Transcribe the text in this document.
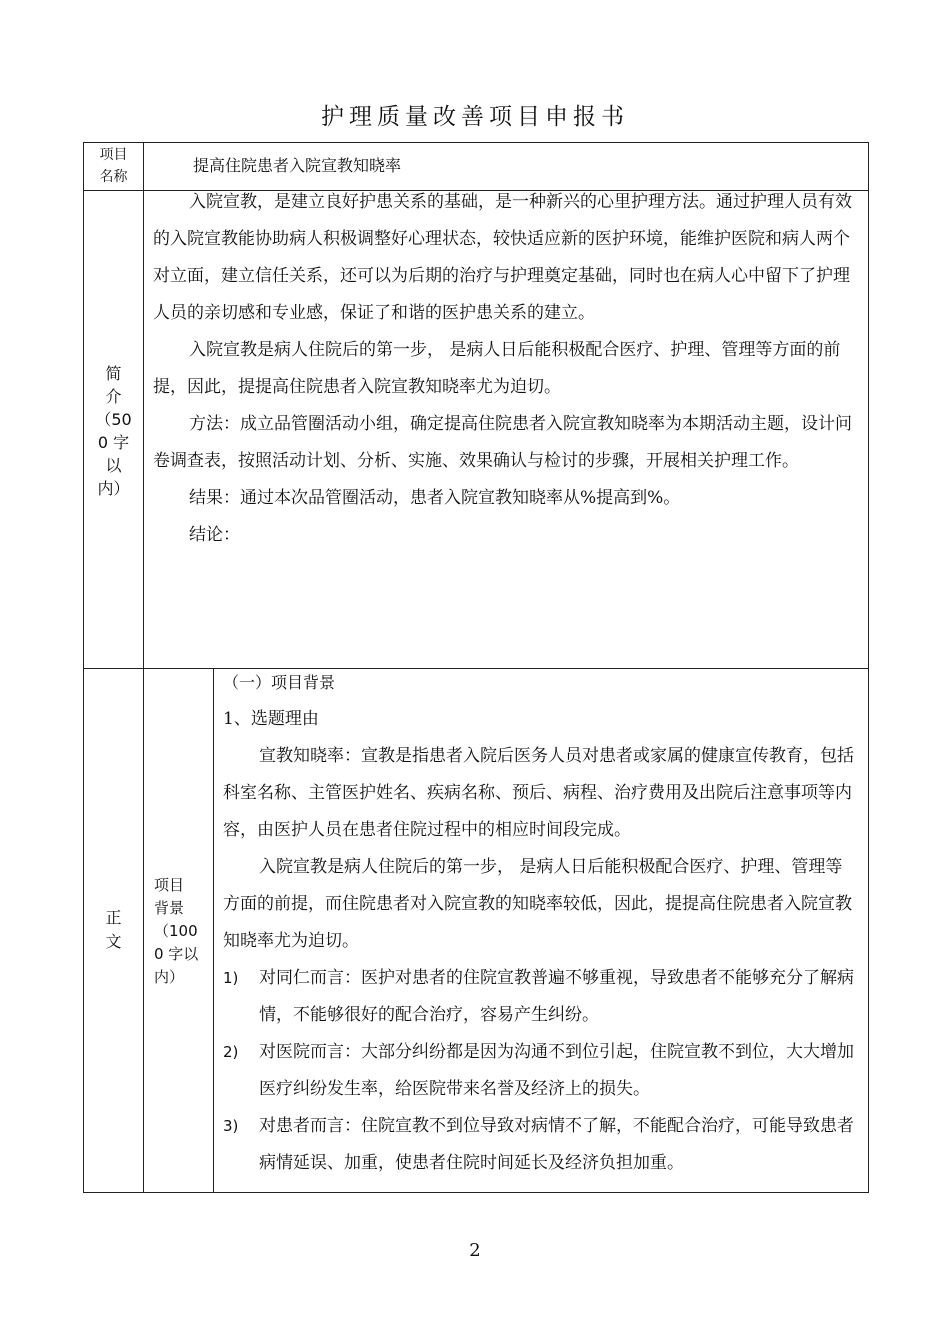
护理质量改善项目申报书
项目
名称
提高住院患者入院宣教知晓率
简
介
（50
0 字
以
内）

入院宣教，是建立良好护患关系的基础，是一种新兴的心里护理方法。通过护理人员有效的入院宣教能协助病人积极调整好心理状态，较快适应新的医护环境，能维护医院和病人两个对立面，建立信任关系，还可以为后期的治疗与护理奠定基础，同时也在病人心中留下了护理人员的亲切感和专业感，保证了和谐的医护患关系的建立。

入院宣教是病人住院后的第一步， 是病人日后能积极配合医疗、护理、管理等方面的前提，因此，提提高住院患者入院宣教知晓率尤为迫切。

方法：成立品管圈活动小组，确定提高住院患者入院宣教知晓率为本期活动主题，设计问卷调查表，按照活动计划、分析、实施、效果确认与检讨的步骤，开展相关护理工作。

结果：通过本次品管圈活动，患者入院宣教知晓率从%提高到%。

结论：

正
文
项目
背景
（100
0 字以
内）

（一）项目背景

1、选题理由

宣教知晓率：宣教是指患者入院后医务人员对患者或家属的健康宣传教育，包括科室名称、主管医护姓名、疾病名称、预后、病程、治疗费用及出院后注意事项等内容，由医护人员在患者住院过程中的相应时间段完成。

入院宣教是病人住院后的第一步， 是病人日后能积极配合医疗、护理、管理等方面的前提，而住院患者对入院宣教的知晓率较低，因此，提提高住院患者入院宣教知晓率尤为迫切。

1) 对同仁而言：医护对患者的住院宣教普遍不够重视，导致患者不能够充分了解病情，不能够很好的配合治疗，容易产生纠纷。
2) 对医院而言：大部分纠纷都是因为沟通不到位引起，住院宣教不到位，大大增加医疗纠纷发生率，给医院带来名誉及经济上的损失。
3) 对患者而言：住院宣教不到位导致对病情不了解，不能配合治疗，可能导致患者病情延误、加重，使患者住院时间延长及经济负担加重。
2
